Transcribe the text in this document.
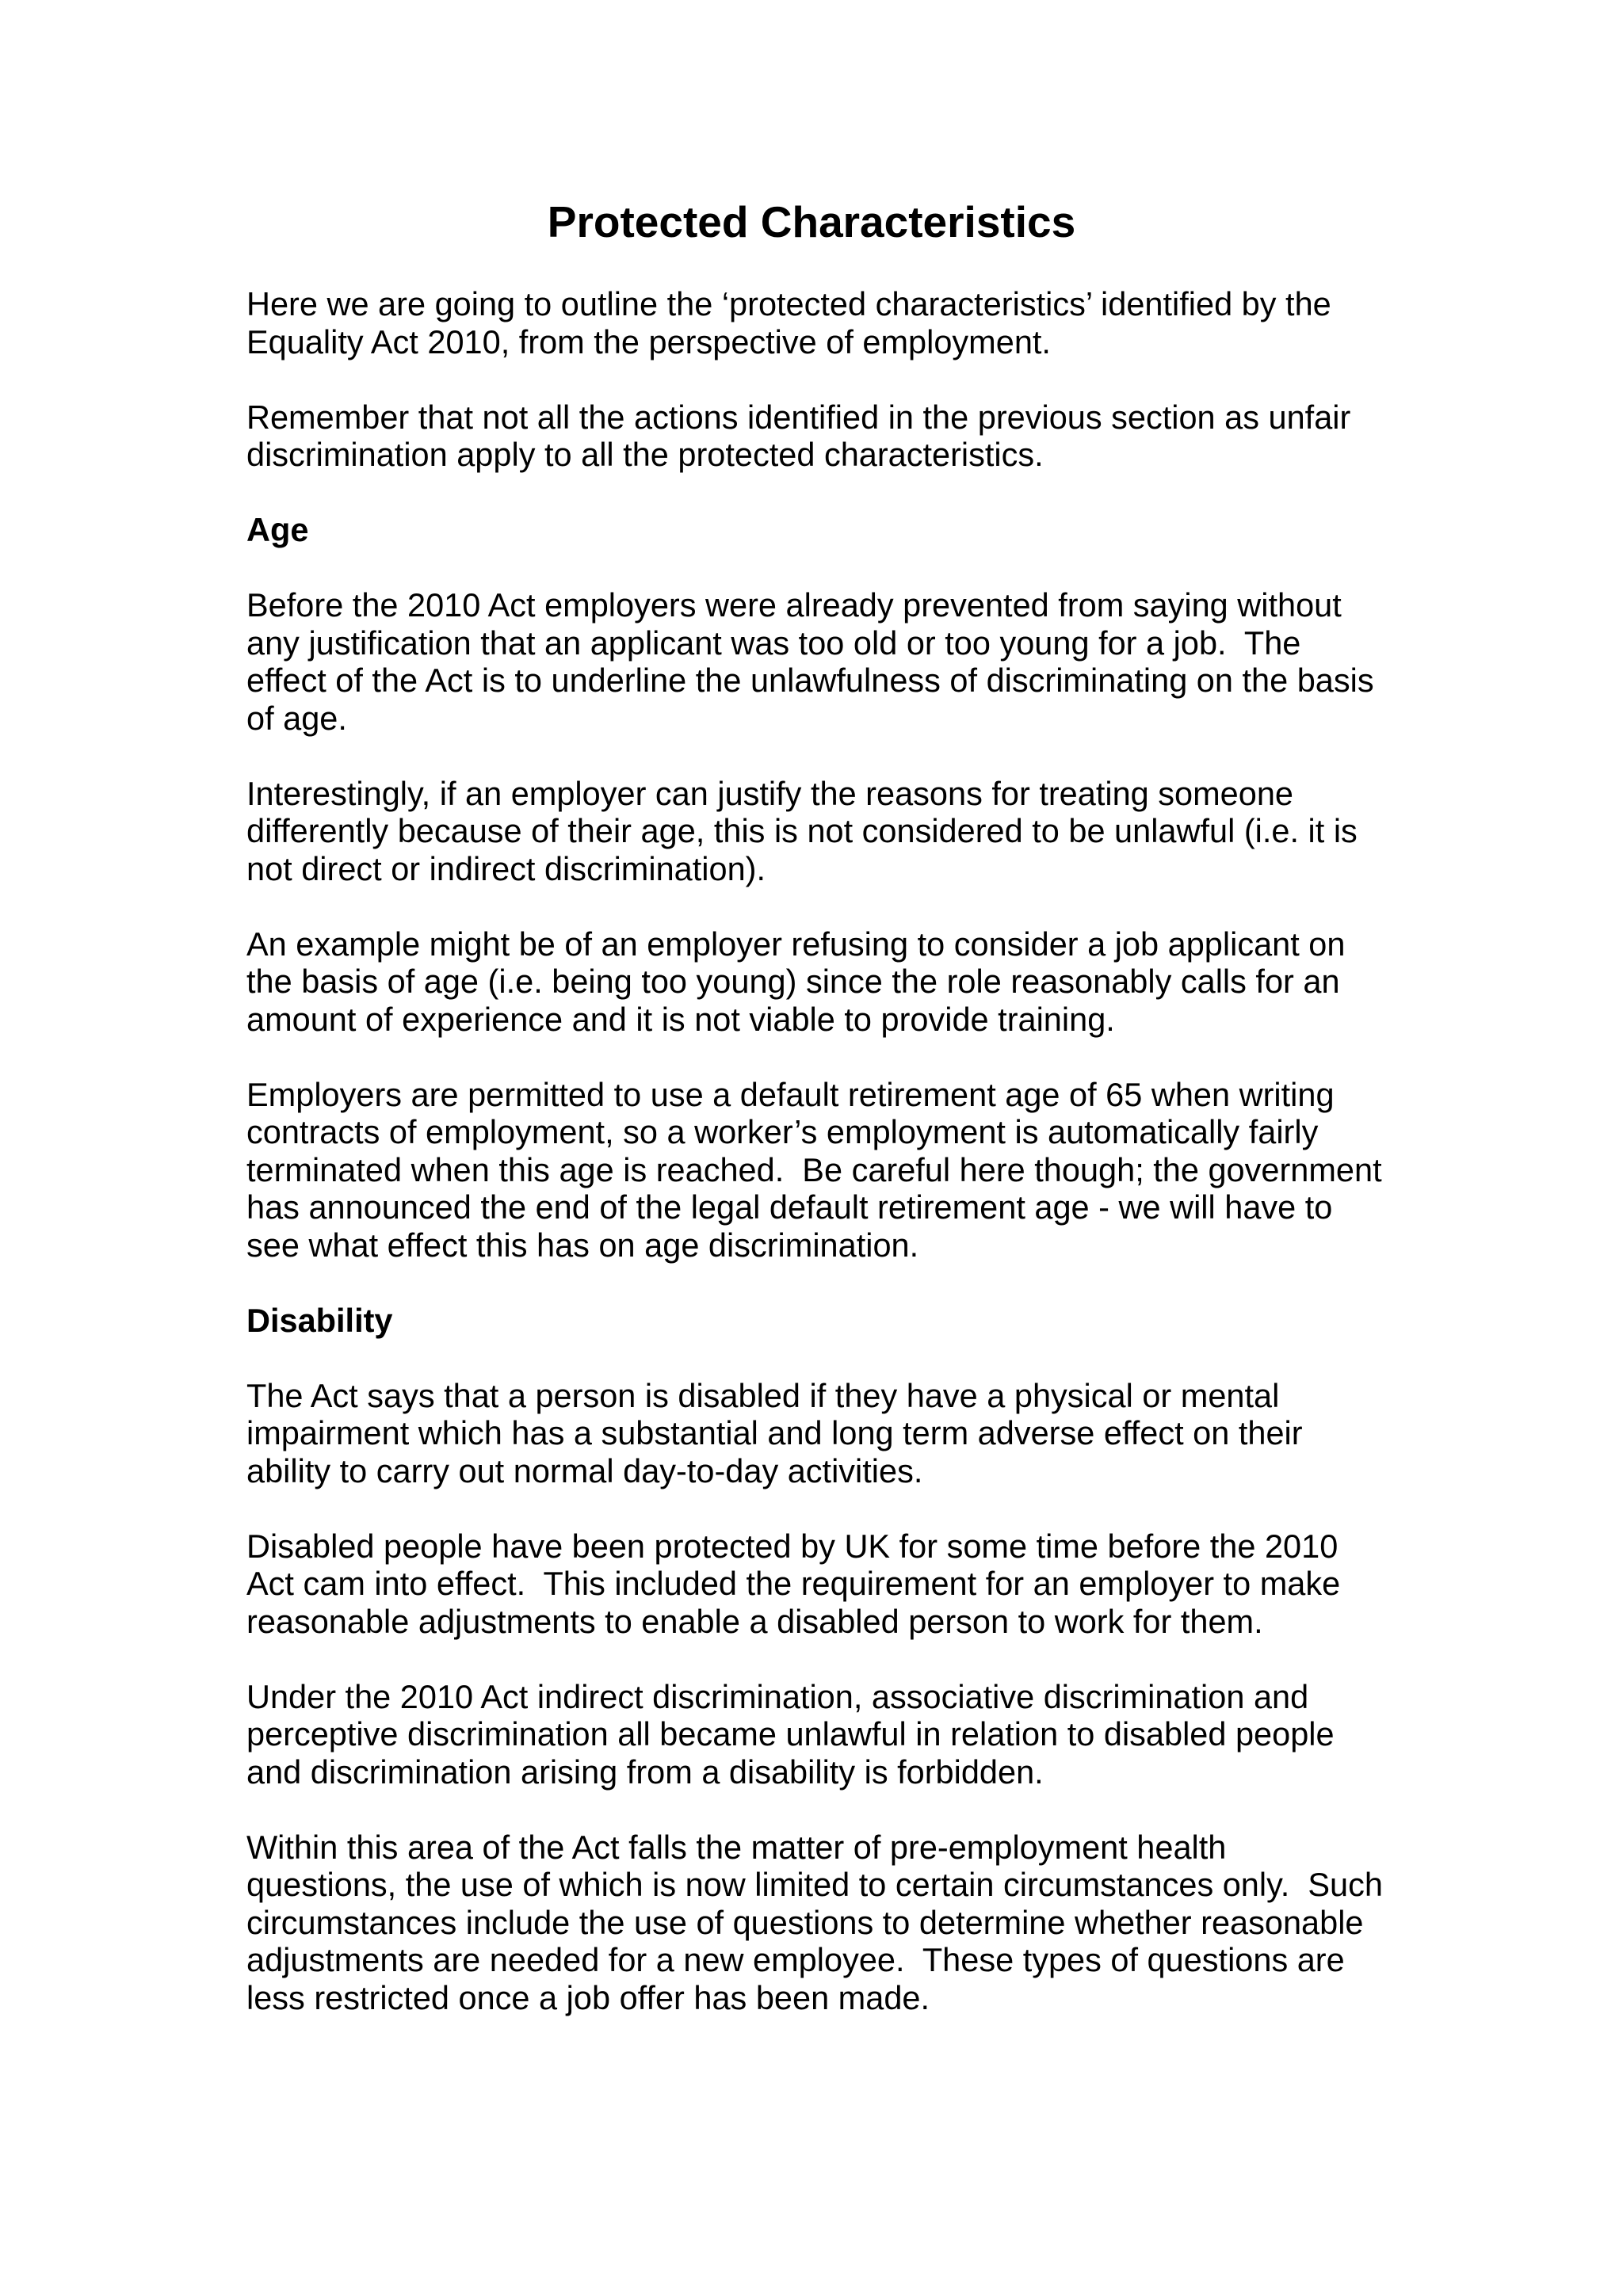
Protected Characteristics

Here we are going to outline the ‘protected characteristics’ identified by the
Equality Act 2010, from the perspective of employment.

Remember that not all the actions identified in the previous section as unfair
discrimination apply to all the protected characteristics.

Age

Before the 2010 Act employers were already prevented from saying without
any justification that an applicant was too old or too young for a job.  The
effect of the Act is to underline the unlawfulness of discriminating on the basis
of age.

Interestingly, if an employer can justify the reasons for treating someone
differently because of their age, this is not considered to be unlawful (i.e. it is
not direct or indirect discrimination).

An example might be of an employer refusing to consider a job applicant on
the basis of age (i.e. being too young) since the role reasonably calls for an
amount of experience and it is not viable to provide training.

Employers are permitted to use a default retirement age of 65 when writing
contracts of employment, so a worker’s employment is automatically fairly
terminated when this age is reached.  Be careful here though; the government
has announced the end of the legal default retirement age - we will have to
see what effect this has on age discrimination.

Disability

The Act says that a person is disabled if they have a physical or mental
impairment which has a substantial and long term adverse effect on their
ability to carry out normal day-to-day activities.

Disabled people have been protected by UK for some time before the 2010
Act cam into effect.  This included the requirement for an employer to make
reasonable adjustments to enable a disabled person to work for them.

Under the 2010 Act indirect discrimination, associative discrimination and
perceptive discrimination all became unlawful in relation to disabled people
and discrimination arising from a disability is forbidden.

Within this area of the Act falls the matter of pre-employment health
questions, the use of which is now limited to certain circumstances only.  Such
circumstances include the use of questions to determine whether reasonable
adjustments are needed for a new employee.  These types of questions are
less restricted once a job offer has been made.
